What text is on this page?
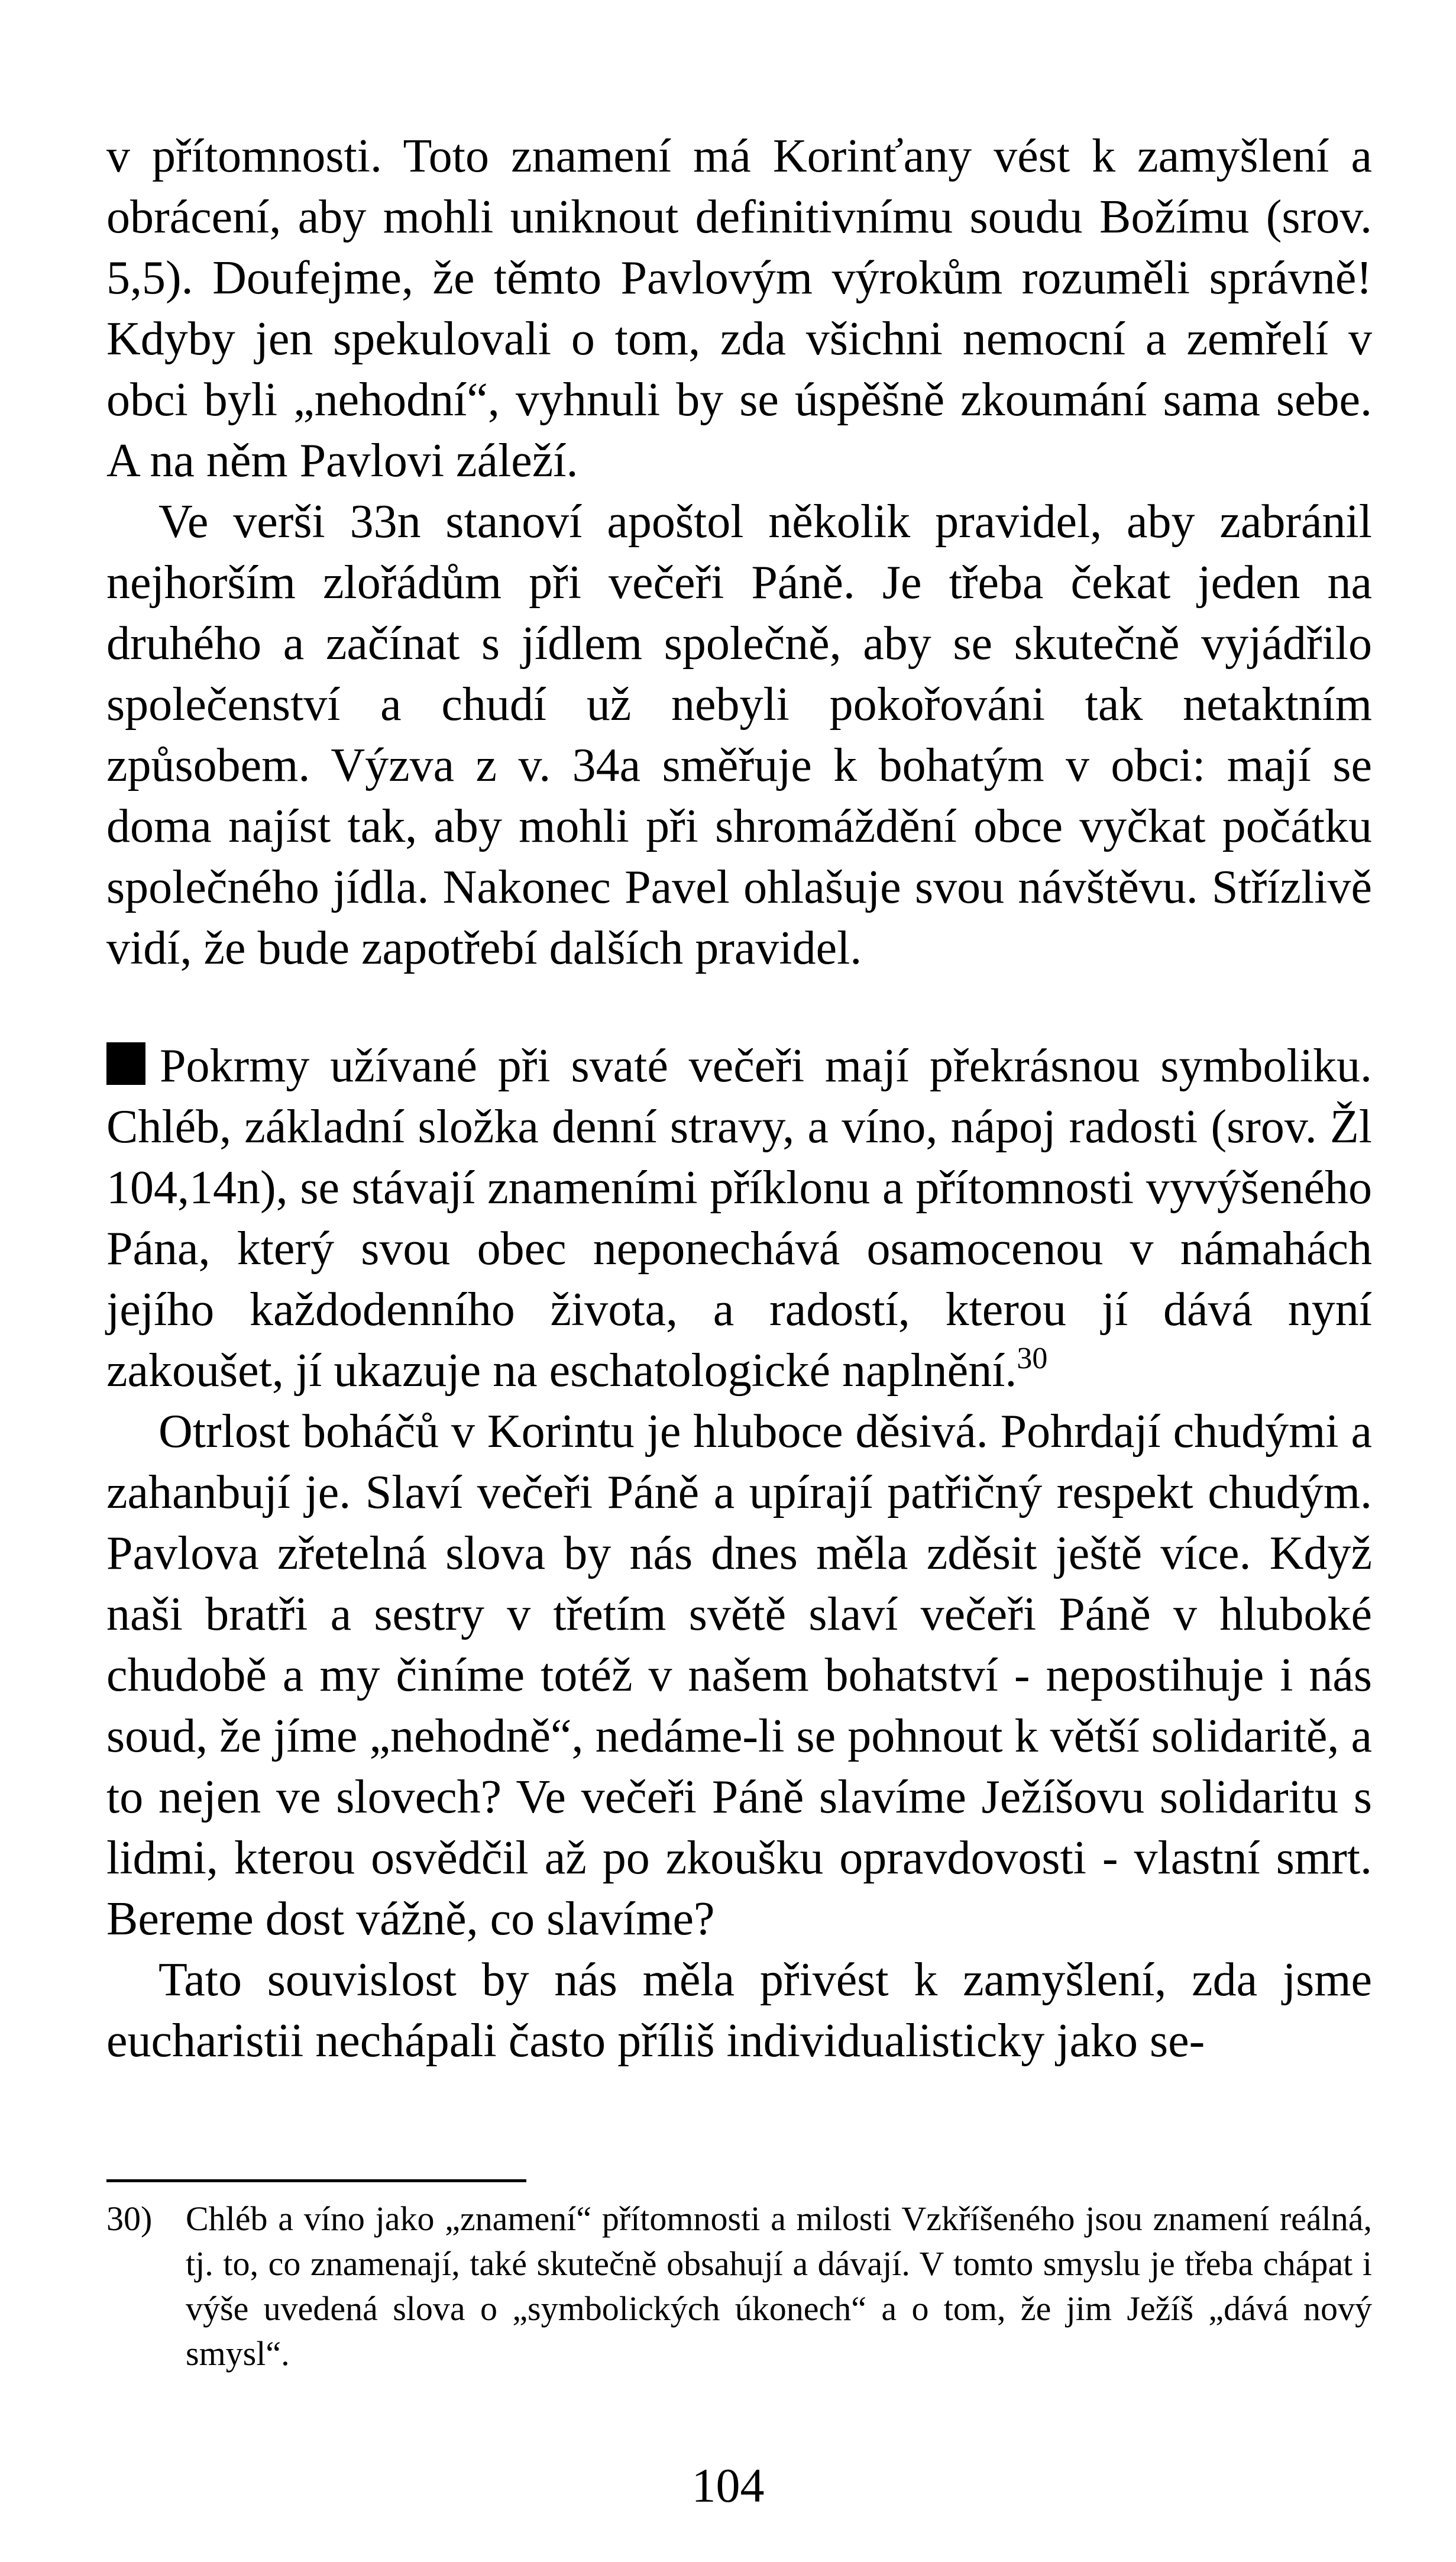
v přítomnosti. Toto znamení má Korinťany vést k zamyšlení a obrácení, aby mohli uniknout definitivnímu soudu Božímu (srov. 5,5). Doufejme, že těmto Pavlovým výrokům rozuměli správně! Kdyby jen spekulovali o tom, zda všichni nemocní a zemřelí v obci byli „nehodní“, vyhnuli by se úspěšně zkoumání sama sebe. A na něm Pavlovi záleží.

Ve verši 33n stanoví apoštol několik pravidel, aby zabránil nejhorším zlořádům při večeři Páně. Je třeba čekat jeden na druhého a začínat s jídlem společně, aby se skutečně vyjádřilo společenství a chudí už nebyli pokořováni tak netaktním způsobem. Výzva z v. 34a směřuje k bohatým v obci: mají se doma najíst tak, aby mohli při shromáždění obce vyčkat počátku společného jídla. Nakonec Pavel ohlašuje svou návštěvu. Střízlivě vidí, že bude zapotřebí dalších pravidel.

Pokrmy užívané při svaté večeři mají překrásnou symboliku. Chléb, základní složka denní stravy, a víno, nápoj radosti (srov. Žl 104,14n), se stávají znameními příklonu a přítomnosti vyvýšeného Pána, který svou obec neponechává osamocenou v námahách jejího každodenního života, a radostí, kterou jí dává nyní zakoušet, jí ukazuje na eschatologické naplnění.$^{30}$

Otrlost boháčů v Korintu je hluboce děsivá. Pohrdají chudými a zahanbují je. Slaví večeři Páně a upírají patřičný respekt chudým. Pavlova zřetelná slova by nás dnes měla zděsit ještě více. Když naši bratři a sestry v třetím světě slaví večeři Páně v hluboké chudobě a my činíme totéž v našem bohatství - nepostihuje i nás soud, že jíme „nehodně“, nedáme-li se pohnout k větší solidaritě, a to nejen ve slovech? Ve večeři Páně slavíme Ježíšovu solidaritu s lidmi, kterou osvědčil až po zkoušku opravdovosti - vlastní smrt. Bereme dost vážně, co slavíme?

Tato souvislost by nás měla přivést k zamyšlení, zda jsme eucharistii nechápali často příliš individualisticky jako se-

30) Chléb a víno jako „znamení“ přítomnosti a milosti Vzkříšeného jsou znamení reálná, tj. to, co znamenají, také skutečně obsahují a dávají. V tomto smyslu je třeba chápat i výše uvedená slova o „symbolických úkonech“ a o tom, že jim Ježíš „dává nový smysl“.
104
